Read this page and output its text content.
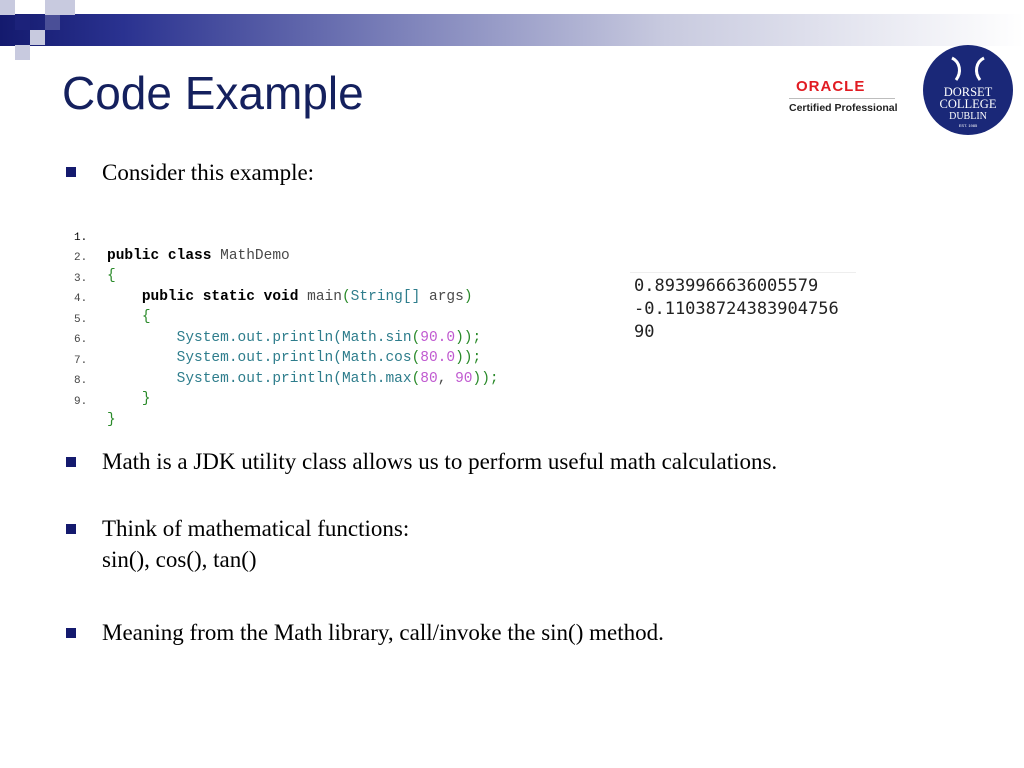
Code Example	ORACLE
Certified Professional
DORSET
COLLEGE
DUBLIN
EST. 1985
Consider this example:

1.

public class MathDemo

2.

{

3.

public static void main(String[] args)

4.

{

5.

System.out.println(Math.sin(90.0));

6.

System.out.println(Math.cos(80.0));

7.

System.out.println(Math.max(80, 90));

8.

}

9.

}

0.8939966636005579
-0.11038724383904756
90
Math is a JDK utility class allows us to perform useful math calculations.
Think of mathematical functions:
sin(), cos(), tan()
Meaning from the Math library, call/invoke the sin() method.
